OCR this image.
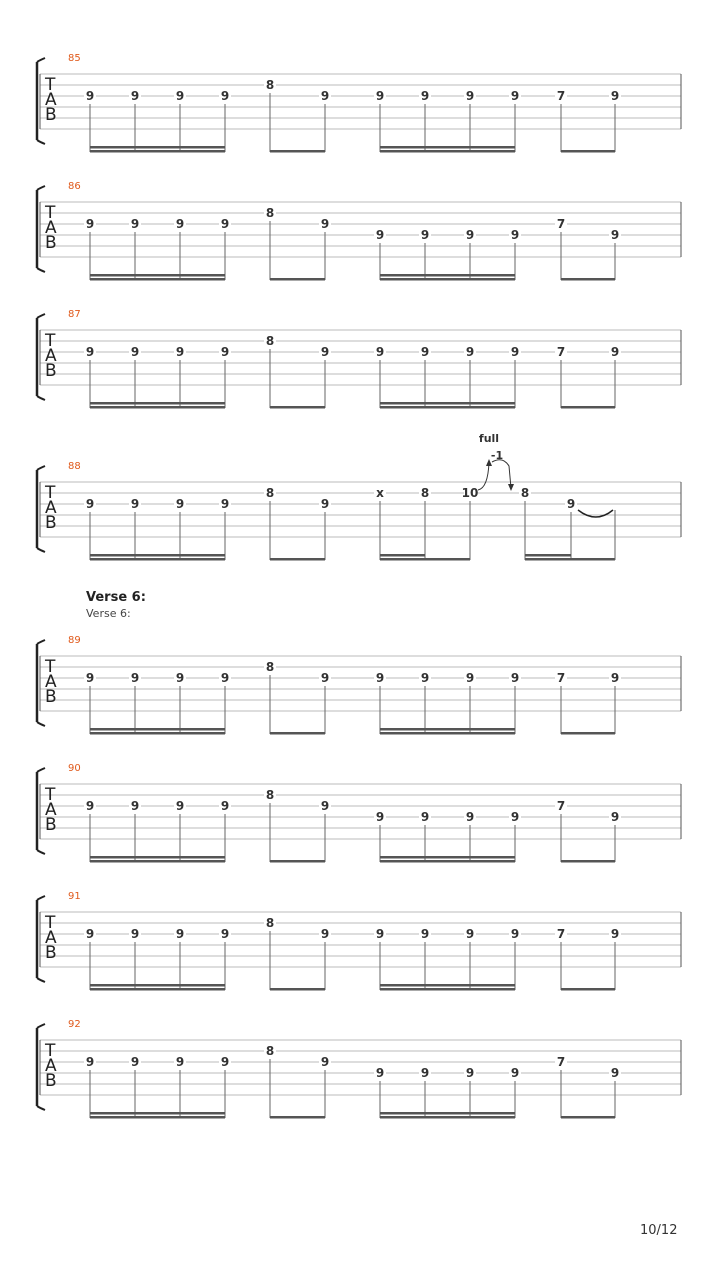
85
T
A
B
9	9	9	9
8
9	9	9	9	9	7	9
86
T
A
B
9	9	9	9
8
9
9	9	9	9
7
9
87
T
A
B
9	9	9	9
8
9	9	9	9	9	7	9
88
T
A
B
9	9	9	9
8
9
x	8	10	8
9
full
-1
89
T
A
B
9	9	9	9
8
9	9	9	9	9	7	9
90
T
A
B
9	9	9	9
8
9
9	9	9	9
7
9
91
T
A
B
9	9	9	9
8
9	9	9	9	9	7	9
92
T
A
B
9	9	9	9
8
9
9	9	9	9
7
9
Verse 6:
Verse 6:
10/12
